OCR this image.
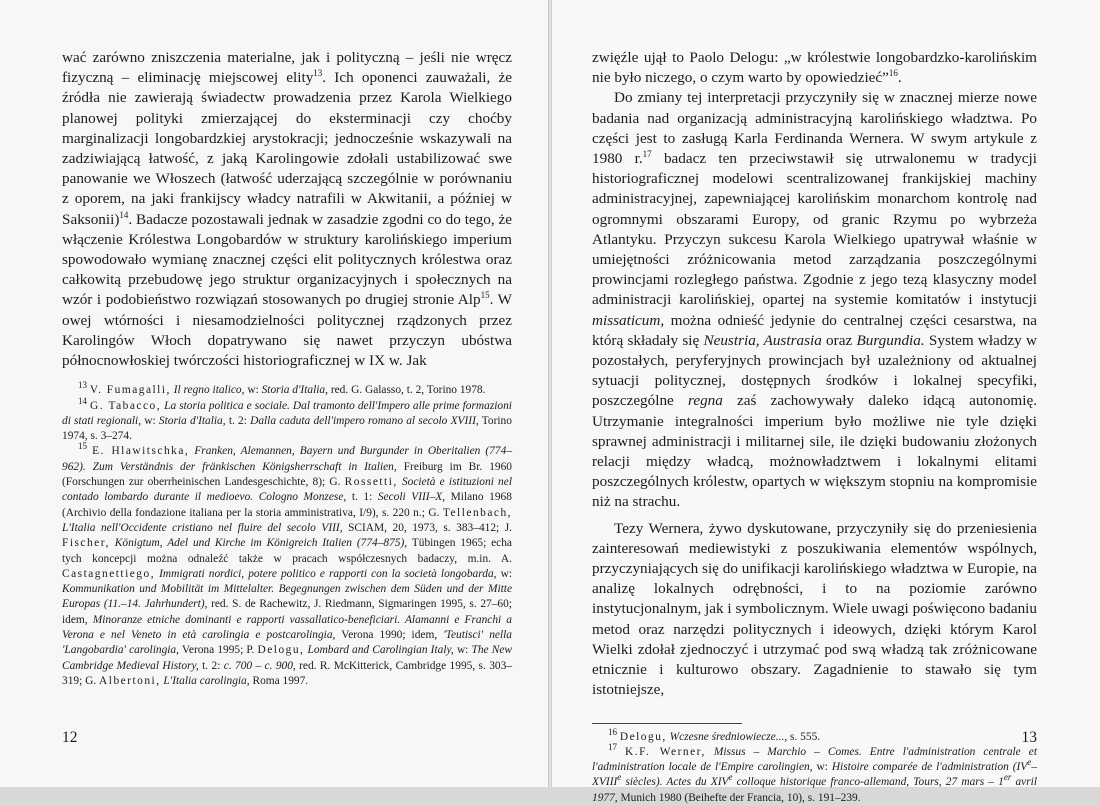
wać zarówno zniszczenia materialne, jak i polityczną – jeśli nie wręcz fizyczną – eliminację miejscowej elity$^{13}$. Ich oponenci zauważali, że źródła nie zawierają świadectw prowadzenia przez Karola Wielkiego planowej polityki zmierzającej do eksterminacji czy choćby marginalizacji longobardzkiej arystokracji; jednocześnie wskazywali na zadziwiającą łatwość, z jaką Karolingowie zdołali ustabilizować swe panowanie we Włoszech (łatwość uderzającą szczególnie w porównaniu z oporem, na jaki frankijscy władcy natrafili w Akwitanii, a później w Saksonii)$^{14}$. Badacze pozostawali jednak w zasadzie zgodni co do tego, że włączenie Królestwa Longobardów w struktury karolińskiego imperium spowodowało wymianę znacznej części elit politycznych królestwa oraz całkowitą przebudowę jego struktur organizacyjnych i społecznych na wzór i podobieństwo rozwiązań stosowanych po drugiej stronie Alp$^{15}$. W owej wtórności i niesamodzielności politycznej rządzonych przez Karolingów Włoch dopatrywano się nawet przyczyn ubóstwa północnowłoskiej twórczości historiograficznej w IX w. Jak

$^{13}$ V. Fumagalli, Il regno italico, w: Storia d'Italia, red. G. Galasso, t. 2, Torino 1978.

$^{14}$ G. Tabacco, La storia politica e sociale. Dal tramonto dell'Impero alle prime formazioni di stati regionali, w: Storia d'Italia, t. 2: Dalla caduta dell'impero romano al secolo XVIII, Torino 1974, s. 3–274.

$^{15}$ E. Hlawitschka, Franken, Alemannen, Bayern und Burgunder in Oberitalien (774–962). Zum Verständnis der fränkischen Königsherrschaft in Italien, Freiburg im Br. 1960 (Forschungen zur oberrheinischen Landesgeschichte, 8); G. Rossetti, Società e istituzioni nel contado lombardo durante il medioevo. Cologno Monzese, t. 1: Secoli VIII–X, Milano 1968 (Archivio della fondazione italiana per la storia amministrativa, I/9), s. 220 n.; G. Tellenbach, L'Italia nell'Occidente cristiano nel fluire del secolo VIII, SCIAM, 20, 1973, s. 383–412; J. Fischer, Königtum, Adel und Kirche im Königreich Italien (774–875), Tübingen 1965; echa tych koncepcji można odnaleźć także w pracach współczesnych badaczy, m.in. A. Castagnettiego, Immigrati nordici, potere politico e rapporti con la società longobarda, w: Kommunikation und Mobilität im Mittelalter. Begegnungen zwischen dem Süden und der Mitte Europas (11.–14. Jahrhundert), red. S. de Rachewitz, J. Riedmann, Sigmaringen 1995, s. 27–60; idem, Minoranze etniche dominanti e rapporti vassallatico-beneficiari. Alamanni e Franchi a Verona e nel Veneto in età carolingia e postcarolingia, Verona 1990; idem, 'Teutisci' nella 'Langobardia' carolingia, Verona 1995; P. Delogu, Lombard and Carolingian Italy, w: The New Cambridge Medieval History, t. 2: c. 700 – c. 900, red. R. McKitterick, Cambridge 1995, s. 303–319; G. Albertoni, L'Italia carolingia, Roma 1997.

12

zwięźle ujął to Paolo Delogu: „w królestwie longobardzko-karolińskim nie było niczego, o czym warto by opowiedzieć”$^{16}$.

Do zmiany tej interpretacji przyczyniły się w znacznej mierze nowe badania nad organizacją administracyjną karolińskiego władztwa. Po części jest to zasługą Karla Ferdinanda Wernera. W swym artykule z 1980 r.$^{17}$ badacz ten przeciwstawił się utrwalonemu w tradycji historiograficznej modelowi scentralizowanej frankijskiej machiny administracyjnej, zapewniającej karolińskim monarchom kontrolę nad ogromnymi obszarami Europy, od granic Rzymu po wybrzeża Atlantyku. Przyczyn sukcesu Karola Wielkiego upatrywał właśnie w umiejętności zróżnicowania metod zarządzania poszczególnymi prowincjami rozległego państwa. Zgodnie z jego tezą klasyczny model administracji karolińskiej, opartej na systemie komitatów i instytucji missaticum, można odnieść jedynie do centralnej części cesarstwa, na którą składały się Neustria, Austrasia oraz Burgundia. System władzy w pozostałych, peryferyjnych prowincjach był uzależniony od aktualnej sytuacji politycznej, dostępnych środków i lokalnej specyfiki, poszczególne regna zaś zachowywały daleko idącą autonomię. Utrzymanie integralności imperium było możliwe nie tyle dzięki sprawnej administracji i militarnej sile, ile dzięki budowaniu złożonych relacji między władcą, możnowładztwem i lokalnymi elitami poszczególnych królestw, opartych w większym stopniu na kompromisie niż na strachu.

Tezy Wernera, żywo dyskutowane, przyczyniły się do przeniesienia zainteresowań mediewistyki z poszukiwania elementów wspólnych, przyczyniających się do unifikacji karolińskiego władztwa w Europie, na analizę lokalnych odrębności, i to na poziomie zarówno instytucjonalnym, jak i symbolicznym. Wiele uwagi poświęcono badaniu metod oraz narzędzi politycznych i ideowych, dzięki którym Karol Wielki zdołał zjednoczyć i utrzymać pod swą władzą tak zróżnicowane etnicznie i kulturowo obszary. Zagadnienie to stawało się tym istotniejsze,

$^{16}$ Delogu, Wczesne średniowiecze..., s. 555.

$^{17}$ K.F. Werner, Missus – Marchio – Comes. Entre l'administration centrale et l'administration locale de l'Empire carolingien, w: Histoire comparée de l'administration (IVe–XVIIIe siècles). Actes du XIVe colloque historique franco-allemand, Tours, 27 mars – 1er avril 1977, Munich 1980 (Beihefte der Francia, 10), s. 191–239.

13
